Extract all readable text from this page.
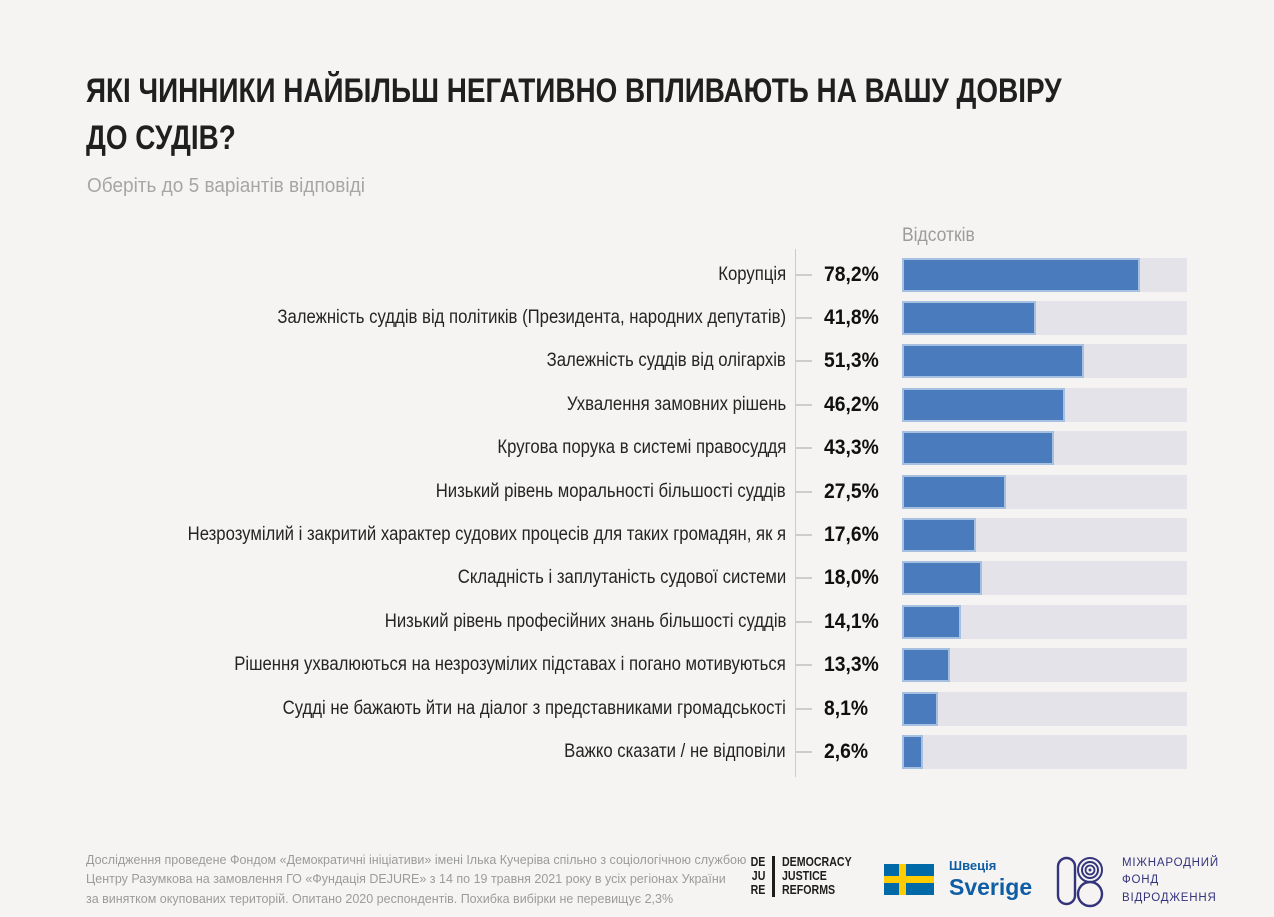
ЯКІ ЧИННИКИ НАЙБІЛЬШ НЕГАТИВНО ВПЛИВАЮТЬ НА ВАШУ ДОВІРУ
ДО СУДІВ?
Оберіть до 5 варіантів відповіді
Відсотків
Корупція 78,2%
Залежність суддів від політиків (Президента, народних депутатів) 41,8%
Залежність суддів від олігархів 51,3%
Ухвалення замовних рішень 46,2%
Кругова порука в системі правосуддя 43,3%
Низький рівень моральності більшості суддів 27,5%
Незрозумілий і закритий характер судових процесів для таких громадян, як я 17,6%
Складність і заплутаність судової системи 18,0%
Низький рівень професійних знань більшості суддів 14,1%
Рішення ухвалюються на незрозумілих підставах і погано мотивуються 13,3%
Судді не бажають йти на діалог з представниками громадськості 8,1%
Важко сказати / не відповіли 2,6%
Дослідження проведене Фондом «Демократичні ініціативи» імені Ілька Кучеріва спільно з соціологічною службою
Центру Разумкова на замовлення ГО «Фундація DEJURE» з 14 по 19 травня 2021 року в усіх регіонах України
за винятком окупованих територій. Опитано 2020 респондентів. Похибка вибірки не перевищує 2,3%
DE
JU
RE
DEMOCRACY
JUSTICE
REFORMS
Швеція
Sverige
МІЖНАРОДНИЙ
ФОНД
ВІДРОДЖЕННЯ
